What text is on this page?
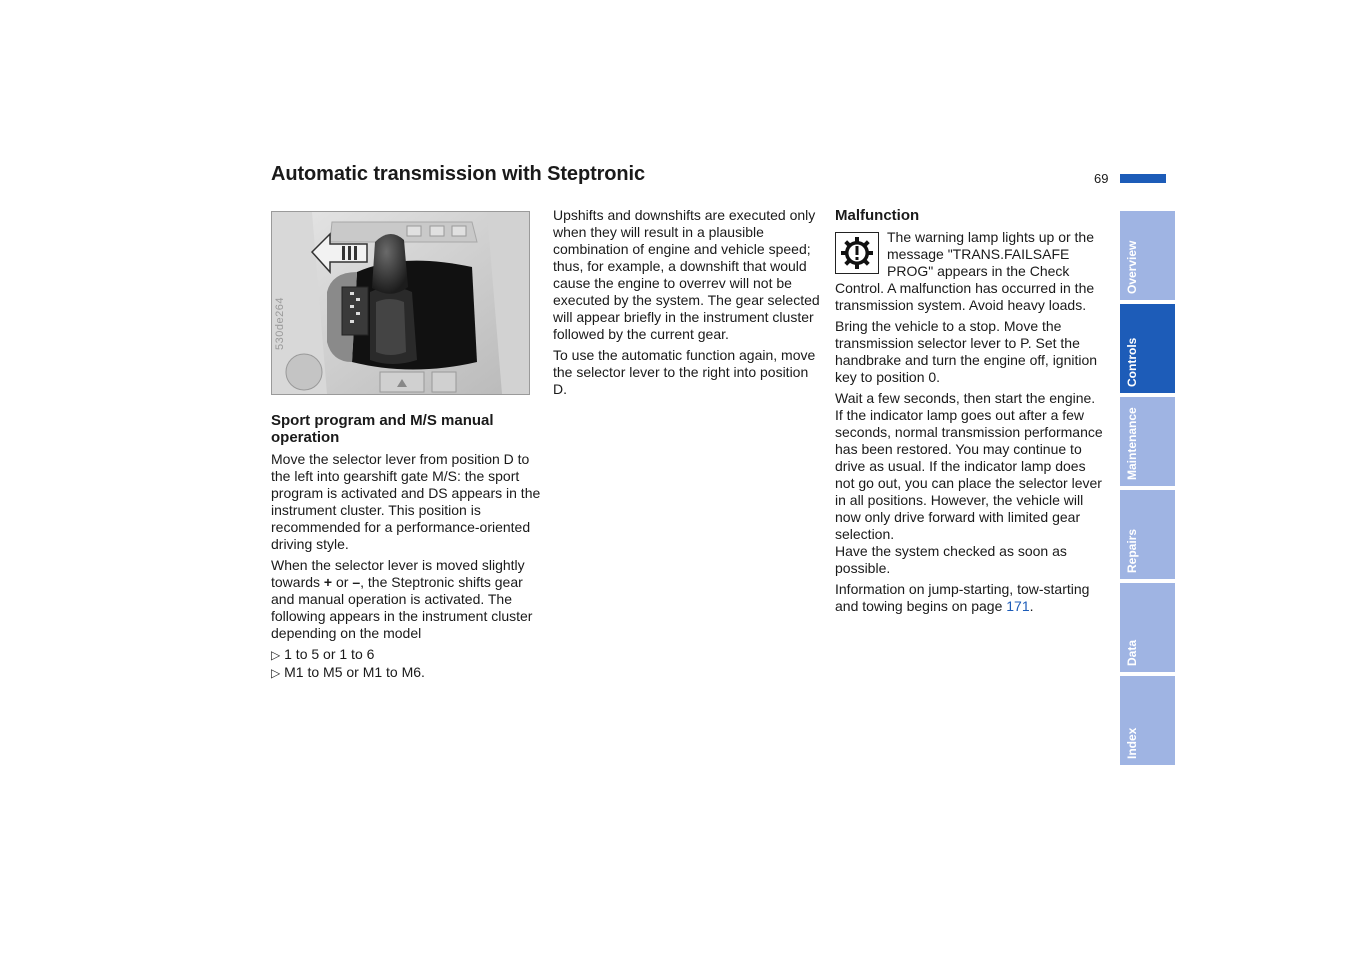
Automatic transmission with Steptronic	69
530de264
Sport program and M/S manual operation

Move the selector lever from position D to the left into gearshift gate M/S: the sport program is activated and DS appears in the instrument cluster. This position is recommended for a performance-oriented driving style.

When the selector lever is moved slightly towards + or –, the Steptronic shifts gear and manual operation is activated. The following appears in the instrument cluster depending on the model

▷ 1 to 5 or 1 to 6
▷ M1 to M5 or M1 to M6.

Upshifts and downshifts are executed only when they will result in a plausible combination of engine and vehicle speed; thus, for example, a downshift that would cause the engine to overrev will not be executed by the system. The gear selected will appear briefly in the instrument cluster followed by the current gear.

To use the automatic function again, move the selector lever to the right into position D.

Malfunction

The warning lamp lights up or the message "TRANS.FAILSAFE PROG" appears in the Check Control. A malfunction has occurred in the transmission system. Avoid heavy loads.

Bring the vehicle to a stop. Move the transmission selector lever to P. Set the handbrake and turn the engine off, ignition key to position 0.

Wait a few seconds, then start the engine.

If the indicator lamp goes out after a few seconds, normal transmission performance has been restored. You may continue to drive as usual. If the indicator lamp does not go out, you can place the selector lever in all positions. However, the vehicle will now only drive forward with limited gear selection.

Have the system checked as soon as possible.

Information on jump-starting, tow-starting and towing begins on page 171.

Overview
Controls
Maintenance
Repairs
Data
Index
